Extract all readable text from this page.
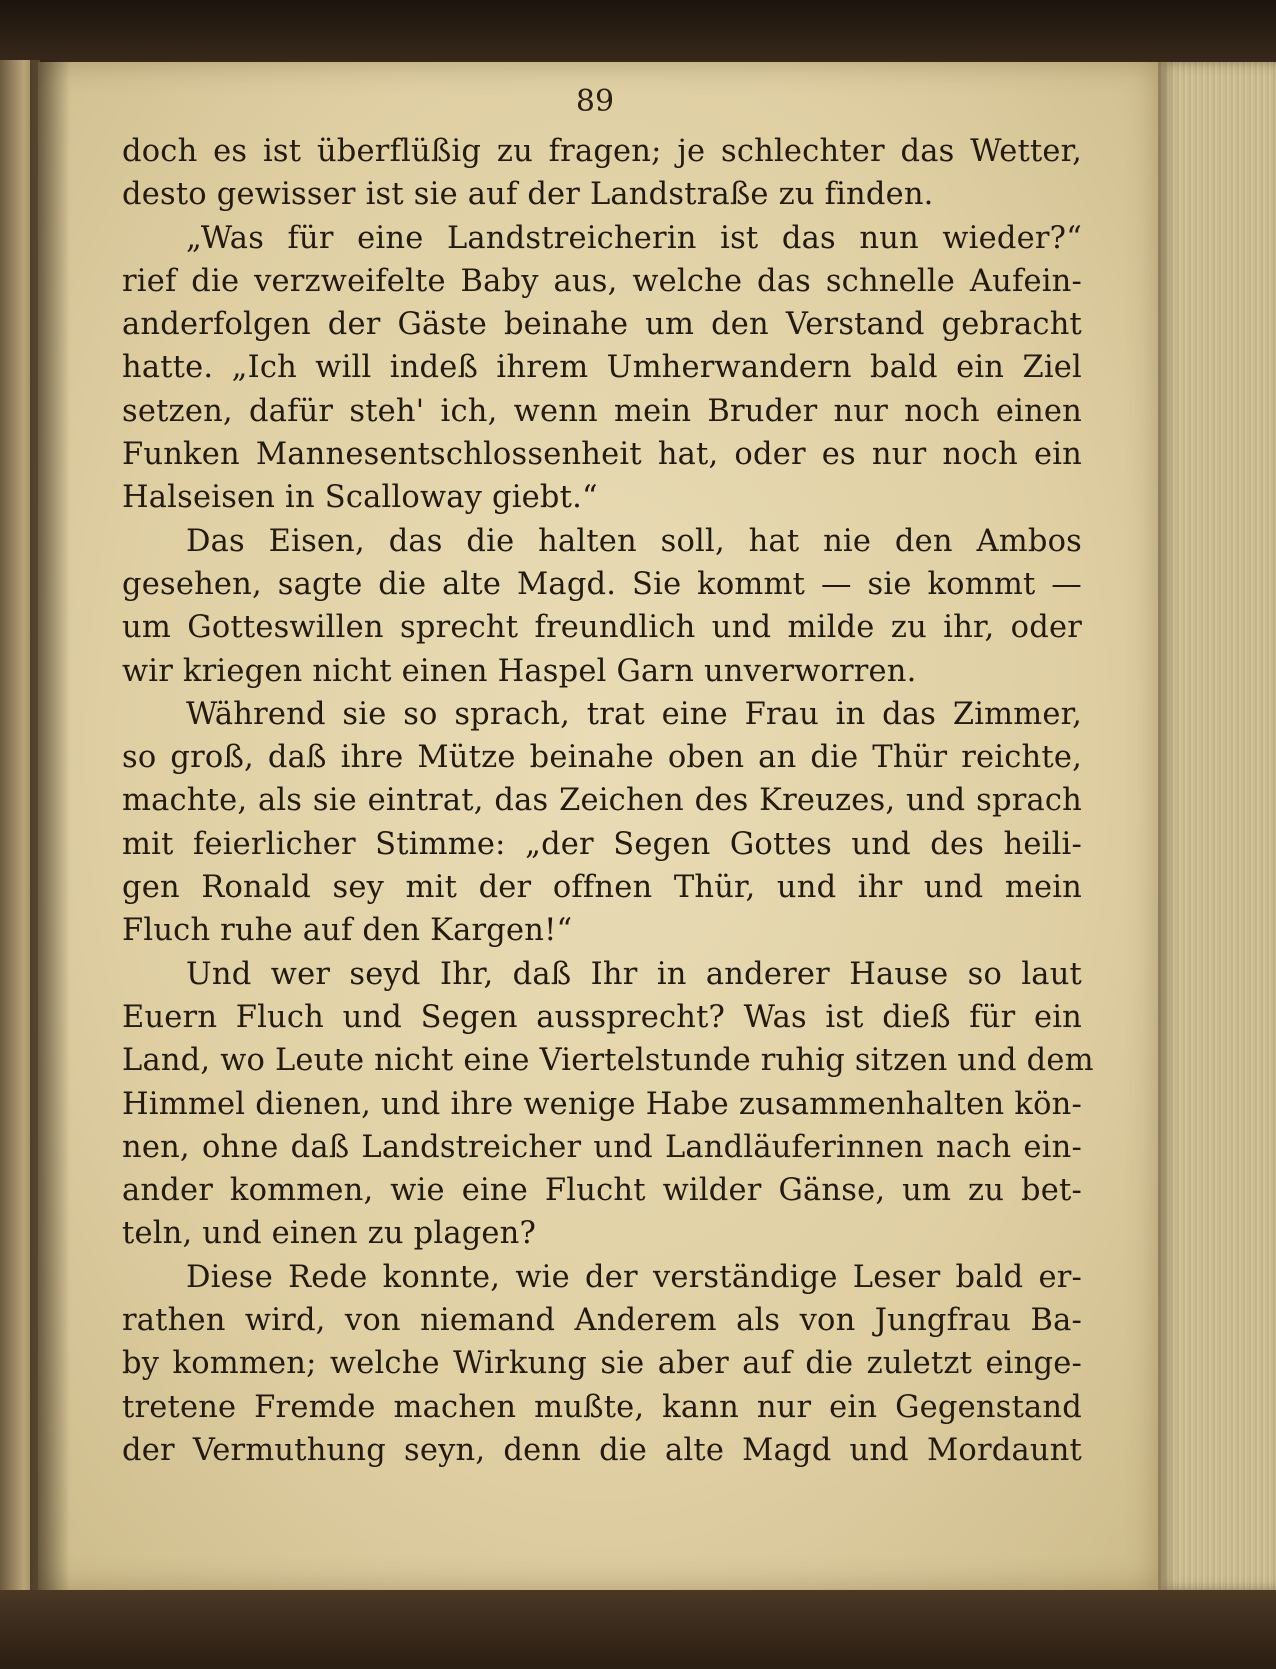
89
doch es ist überflüßig zu fragen; je schlechter das Wetter,
desto gewisser ist sie auf der Landstraße zu finden.
„Was für eine Landstreicherin ist das nun wieder?“
rief die verzweifelte Baby aus, welche das schnelle Aufein-
anderfolgen der Gäste beinahe um den Verstand gebracht
hatte. „Ich will indeß ihrem Umherwandern bald ein Ziel
setzen, dafür steh' ich, wenn mein Bruder nur noch einen
Funken Mannesentschlossenheit hat, oder es nur noch ein
Halseisen in Scalloway giebt.“
Das Eisen, das die halten soll, hat nie den Ambos
gesehen, sagte die alte Magd. Sie kommt — sie kommt —
um Gotteswillen sprecht freundlich und milde zu ihr, oder
wir kriegen nicht einen Haspel Garn unverworren.
Während sie so sprach, trat eine Frau in das Zimmer,
so groß, daß ihre Mütze beinahe oben an die Thür reichte,
machte, als sie eintrat, das Zeichen des Kreuzes, und sprach
mit feierlicher Stimme: „der Segen Gottes und des heili-
gen Ronald sey mit der offnen Thür, und ihr und mein
Fluch ruhe auf den Kargen!“
Und wer seyd Ihr, daß Ihr in anderer Hause so laut
Euern Fluch und Segen aussprecht? Was ist dieß für ein
Land, wo Leute nicht eine Viertelstunde ruhig sitzen und dem
Himmel dienen, und ihre wenige Habe zusammenhalten kön-
nen, ohne daß Landstreicher und Landläuferinnen nach ein-
ander kommen, wie eine Flucht wilder Gänse, um zu bet-
teln, und einen zu plagen?
Diese Rede konnte, wie der verständige Leser bald er-
rathen wird, von niemand Anderem als von Jungfrau Ba-
by kommen; welche Wirkung sie aber auf die zuletzt einge-
tretene Fremde machen mußte, kann nur ein Gegenstand
der Vermuthung seyn, denn die alte Magd und Mordaunt
